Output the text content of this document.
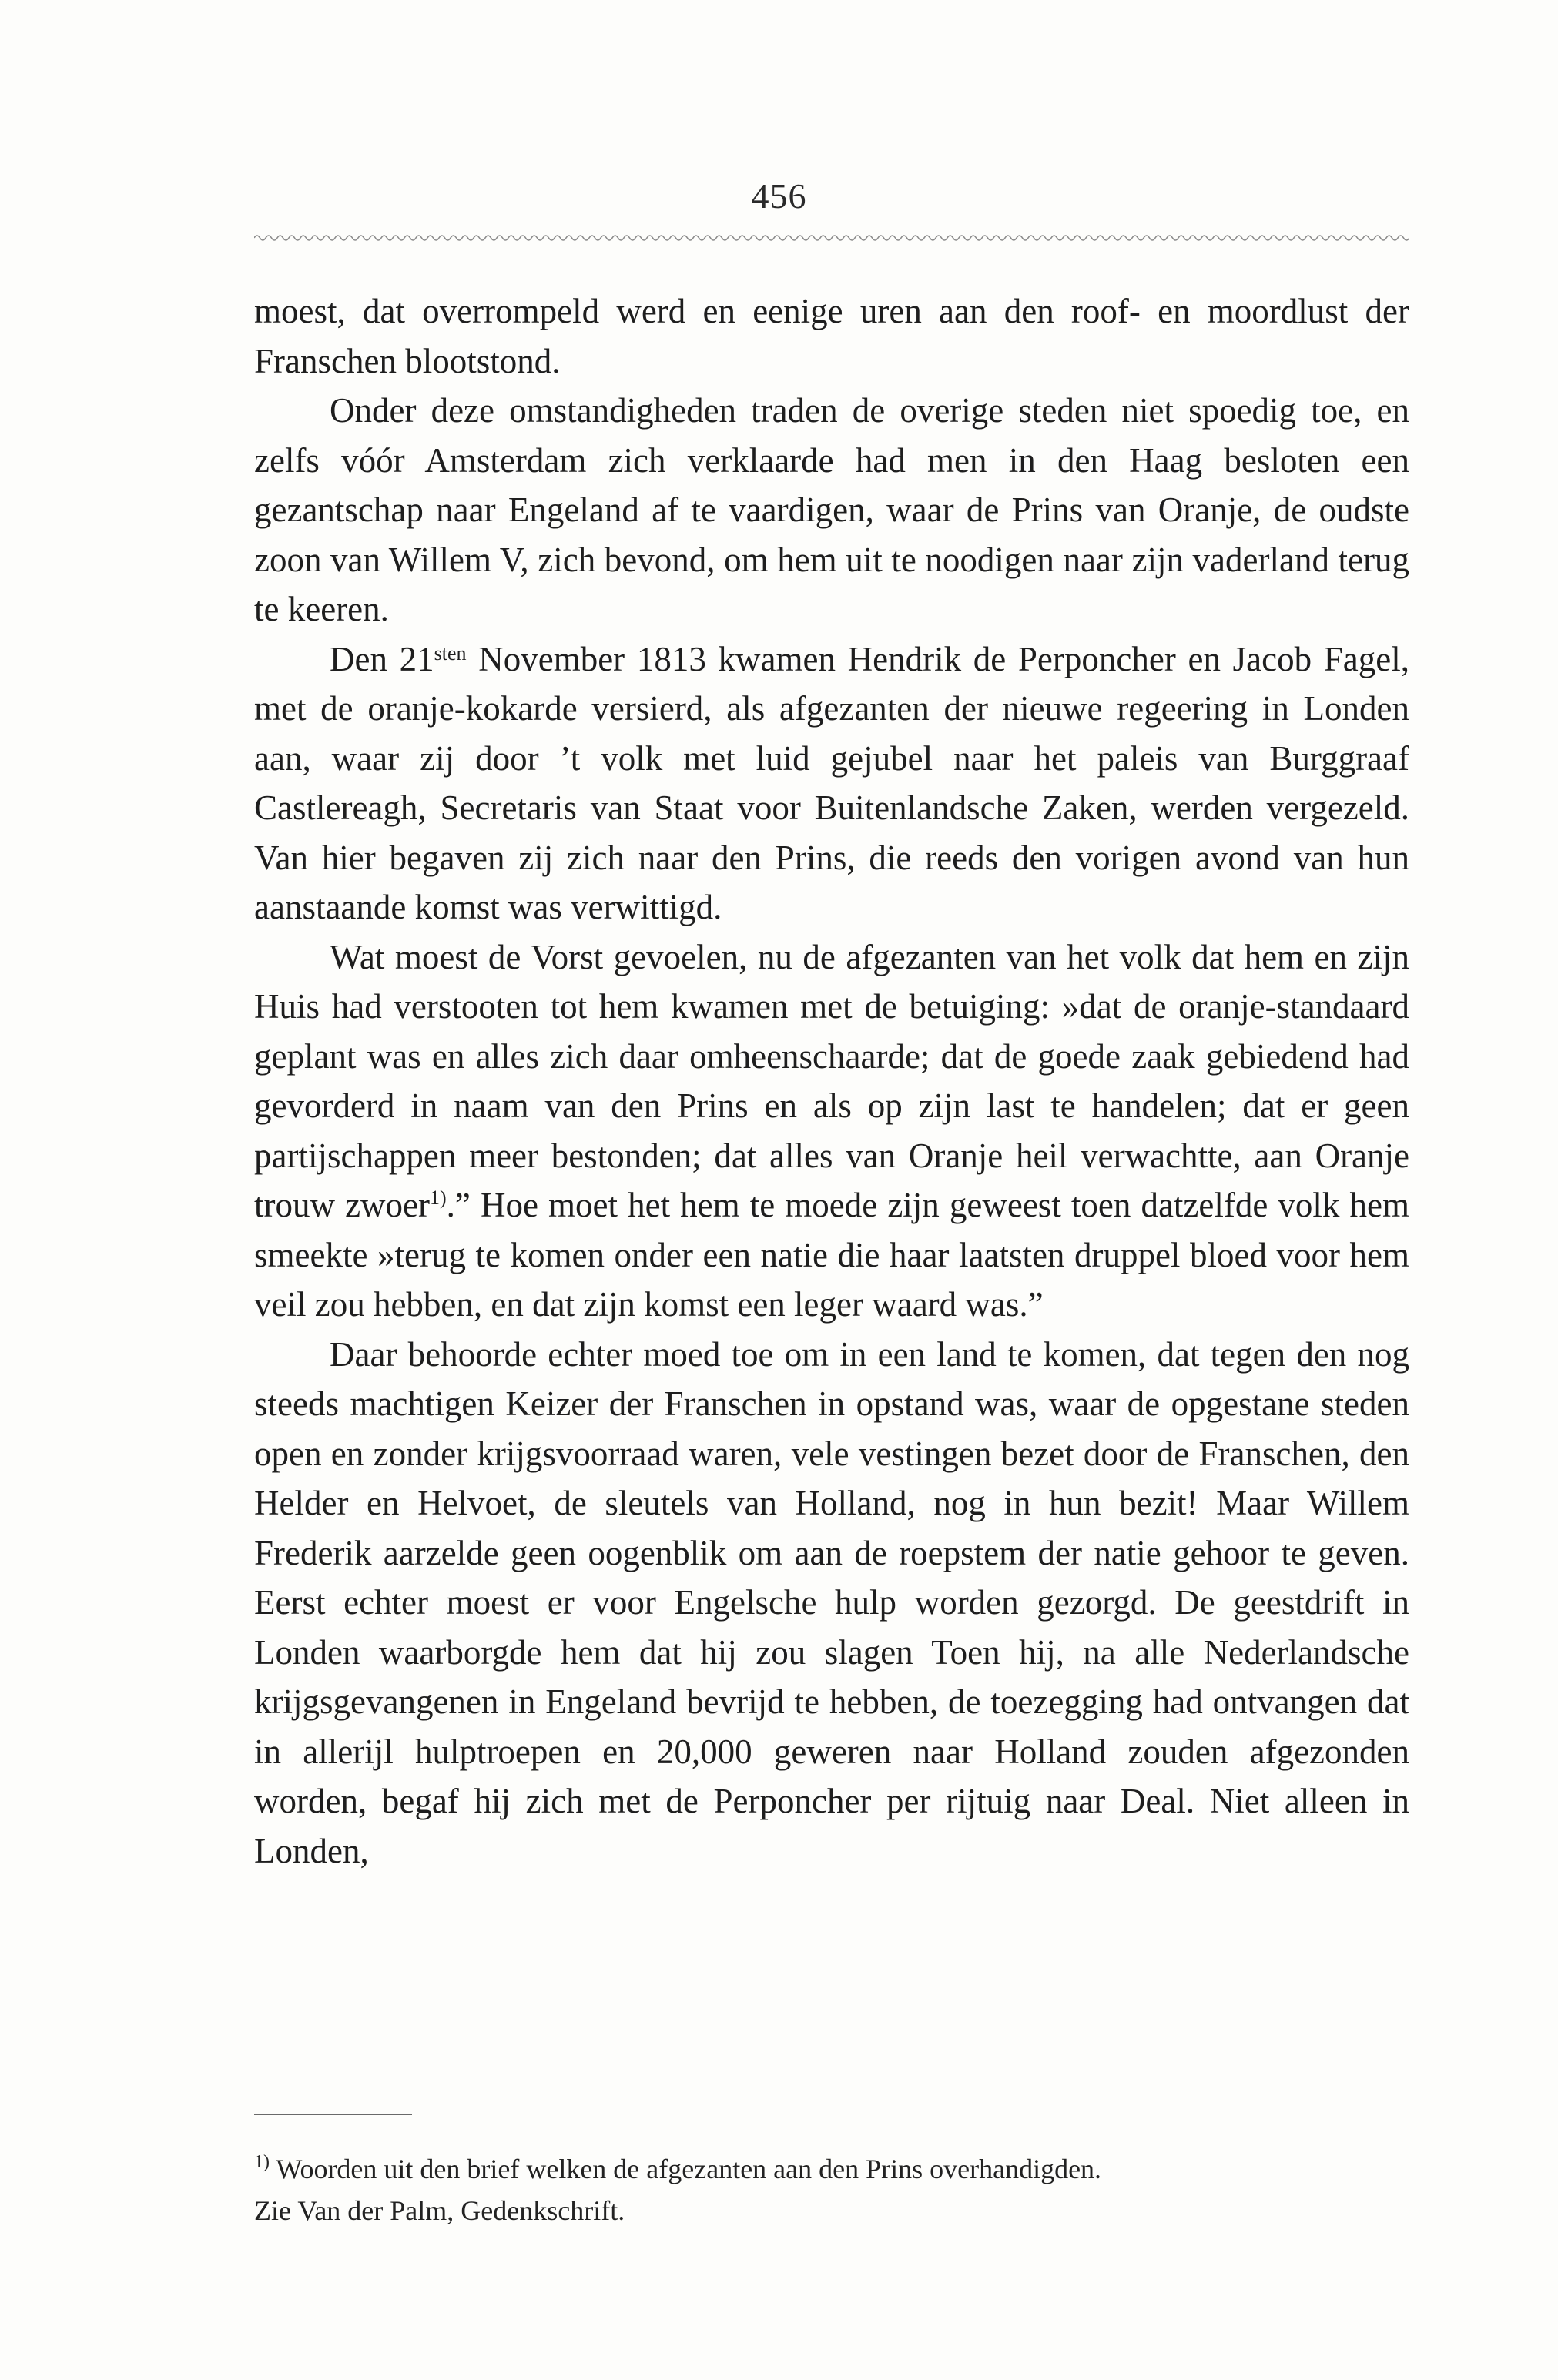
456

moest, dat overrompeld werd en eenige uren aan den roof- en moordlust der Franschen blootstond.

Onder deze omstandigheden traden de overige steden niet spoedig toe, en zelfs vóór Amsterdam zich verklaarde had men in den Haag besloten een gezantschap naar Engeland af te vaardigen, waar de Prins van Oranje, de oudste zoon van Willem V, zich bevond, om hem uit te noodigen naar zijn vaderland terug te keeren.

Den $21^{sten}$ November 1813 kwamen Hendrik de Perponcher en Jacob Fagel, met de oranje-kokarde versierd, als afgezanten der nieuwe regeering in Londen aan, waar zij door ’t volk met luid gejubel naar het paleis van Burggraaf Castlereagh, Secretaris van Staat voor Buitenlandsche Zaken, werden vergezeld. Van hier begaven zij zich naar den Prins, die reeds den vorigen avond van hun aanstaande komst was verwittigd.

Wat moest de Vorst gevoelen, nu de afgezanten van het volk dat hem en zijn Huis had verstooten tot hem kwamen met de betuiging: »dat de oranje-standaard geplant was en alles zich daar omheenschaarde; dat de goede zaak gebiedend had gevorderd in naam van den Prins en als op zijn last te handelen; dat er geen partijschappen meer bestonden; dat alles van Oranje heil verwachtte, aan Oranje trouw zwoer$^{1)}$.” Hoe moet het hem te moede zijn geweest toen datzelfde volk hem smeekte »terug te komen onder een natie die haar laatsten druppel bloed voor hem veil zou hebben, en dat zijn komst een leger waard was.”

Daar behoorde echter moed toe om in een land te komen, dat tegen den nog steeds machtigen Keizer der Franschen in opstand was, waar de opgestane steden open en zonder krijgsvoorraad waren, vele vestingen bezet door de Franschen, den Helder en Helvoet, de sleutels van Holland, nog in hun bezit! Maar Willem Frederik aarzelde geen oogenblik om aan de roepstem der natie gehoor te geven. Eerst echter moest er voor Engelsche hulp worden gezorgd. De geestdrift in Londen waarborgde hem dat hij zou slagen Toen hij, na alle Nederlandsche krijgsgevangenen in Engeland bevrijd te hebben, de toezegging had ontvangen dat in allerijl hulptroepen en 20,000 geweren naar Holland zouden afgezonden worden, begaf hij zich met de Perponcher per rijtuig naar Deal. Niet alleen in Londen,

$^{1)}$ Woorden uit den brief welken de afgezanten aan den Prins overhandigden.
Zie Van der Palm, Gedenkschrift.
